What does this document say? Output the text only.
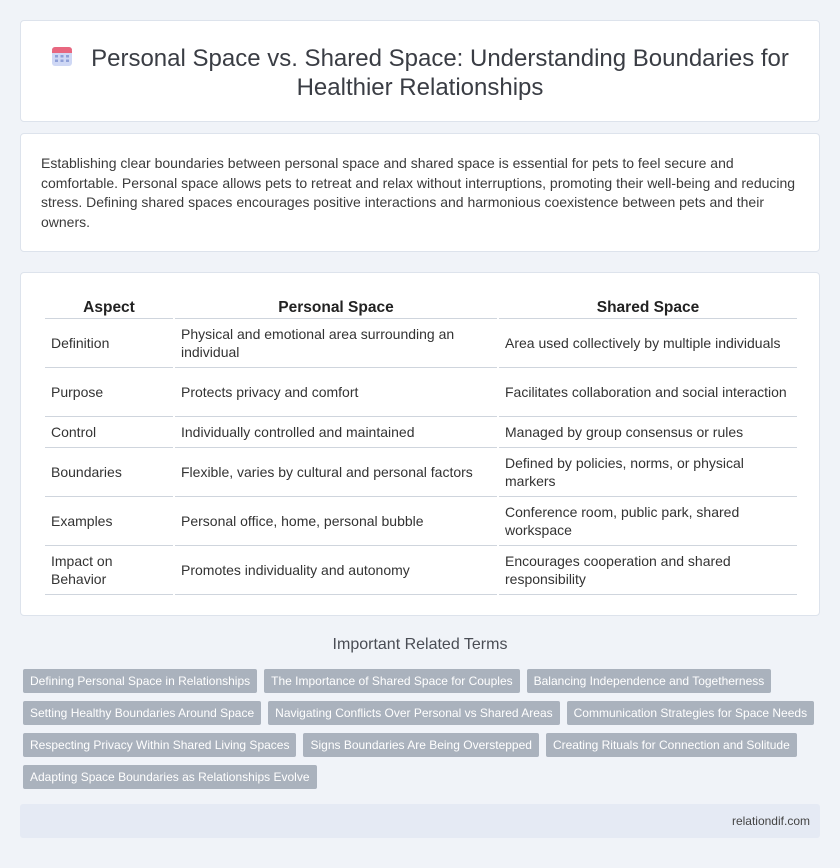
Personal Space vs. Shared Space: Understanding Boundaries for
Healthier Relationships

Establishing clear boundaries between personal space and shared space is essential for pets to feel secure and comfortable. Personal space allows pets to retreat and relax without interruptions, promoting their well-being and reducing stress. Defining shared spaces encourages positive interactions and harmonious coexistence between pets and their owners.

Aspect	Personal Space	Shared Space
Definition	Physical and emotional area surrounding an individual	Area used collectively by multiple individuals
Purpose	Protects privacy and comfort	Facilitates collaboration and social interaction
Control	Individually controlled and maintained	Managed by group consensus or rules
Boundaries	Flexible, varies by cultural and personal factors	Defined by policies, norms, or physical markers
Examples	Personal office, home, personal bubble	Conference room, public park, shared workspace
Impact on Behavior	Promotes individuality and autonomy	Encourages cooperation and shared responsibility
Important Related Terms
Defining Personal Space in Relationships	The Importance of Shared Space for Couples	Balancing Independence and Togetherness
Setting Healthy Boundaries Around Space	Navigating Conflicts Over Personal vs Shared Areas	Communication Strategies for Space Needs
Respecting Privacy Within Shared Living Spaces	Signs Boundaries Are Being Overstepped	Creating Rituals for Connection and Solitude
Adapting Space Boundaries as Relationships Evolve
relationdif.com
